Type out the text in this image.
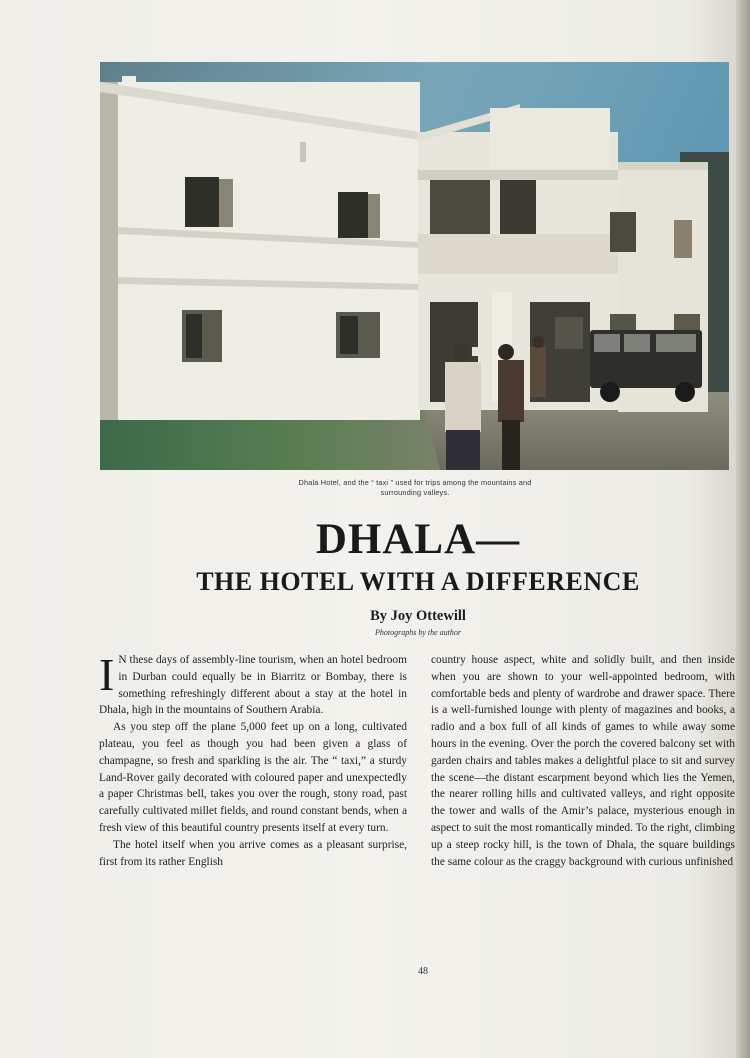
Dhala Hotel, and the “ taxi ” used for trips among the mountains and
surrounding valleys.
DHALA—
THE HOTEL WITH A DIFFERENCE
By Joy Ottewill
Photographs by the author

I N these days of assembly-line tourism, when an hotel bedroom in Durban could equally be in Biarritz or Bombay, there is something refreshingly different about a stay at the hotel in Dhala, high in the mountains of Southern Arabia.

As you step off the plane 5,000 feet up on a long, cultivated plateau, you feel as though you had been given a glass of champagne, so fresh and sparkling is the air. The “ taxi,” a sturdy Land-Rover gaily decorated with coloured paper and unexpectedly a paper Christmas bell, takes you over the rough, stony road, past carefully cultivated millet fields, and round constant bends, when a fresh view of this beautiful country presents itself at every turn.

The hotel itself when you arrive comes as a pleasant surprise, first from its rather English

country house aspect, white and solidly built, and then inside when you are shown to your well-appointed bedroom, with comfortable beds and plenty of wardrobe and drawer space. There is a well-furnished lounge with plenty of magazines and books, a radio and a box full of all kinds of games to while away some hours in the evening. Over the porch the covered balcony set with garden chairs and tables makes a delightful place to sit and survey the scene—the distant escarpment beyond which lies the Yemen, the nearer rolling hills and cultivated valleys, and right opposite the tower and walls of the Amir’s palace, mysterious enough in aspect to suit the most romantically minded. To the right, climbing up a steep rocky hill, is the town of Dhala, the square buildings the same colour as the craggy background with curious unfinished

48
